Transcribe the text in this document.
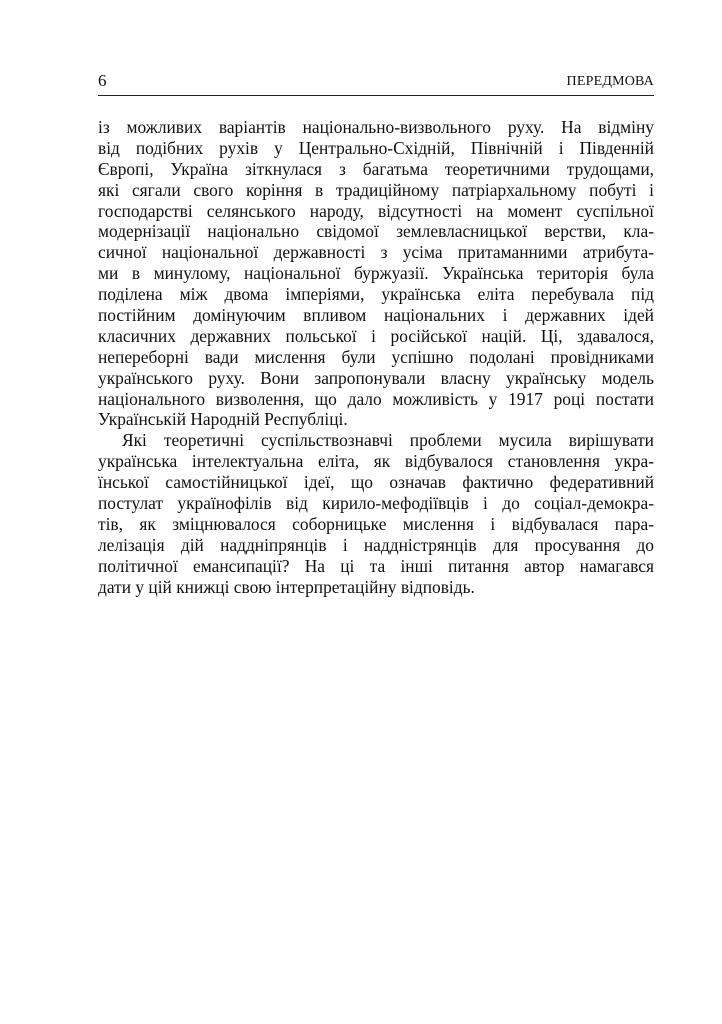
6	ПЕРЕДМОВА
із можливих варіантів національно-визвольного руху. На відміну
від подібних рухів у Центрально-Східній, Північній і Південній
Європі, Україна зіткнулася з багатьма теоретичними трудощами,
які сягали свого коріння в традиційному патріархальному побуті і
господарстві селянського народу, відсутності на момент суспільної
модернізації національно свідомої землевласницької верстви, кла-
сичної національної державності з усіма притаманними атрибута-
ми в минулому, національної буржуазії. Українська територія була
поділена між двома імперіями, українська еліта перебувала під
постійним домінуючим впливом національних і державних ідей
класичних державних польської і російської націй. Ці, здавалося,
непереборні вади мислення були успішно подолані провідниками
українського руху. Вони запропонували власну українську модель
національного визволення, що дало можливість у 1917 році постати
Українській Народній Республіці.
Які теоретичні суспільствознавчі проблеми мусила вирішувати
українська інтелектуальна еліта, як відбувалося становлення укра-
їнської самостійницької ідеї, що означав фактично федеративний
постулат українофілів від кирило-мефодіївців і до соціал-демокра-
тів, як зміцнювалося соборницьке мислення і відбувалася пара-
лелізація дій наддніпрянців і наддністрянців для просування до
політичної емансипації? На ці та інші питання автор намагався
дати у цій книжці свою інтерпретаційну відповідь.
